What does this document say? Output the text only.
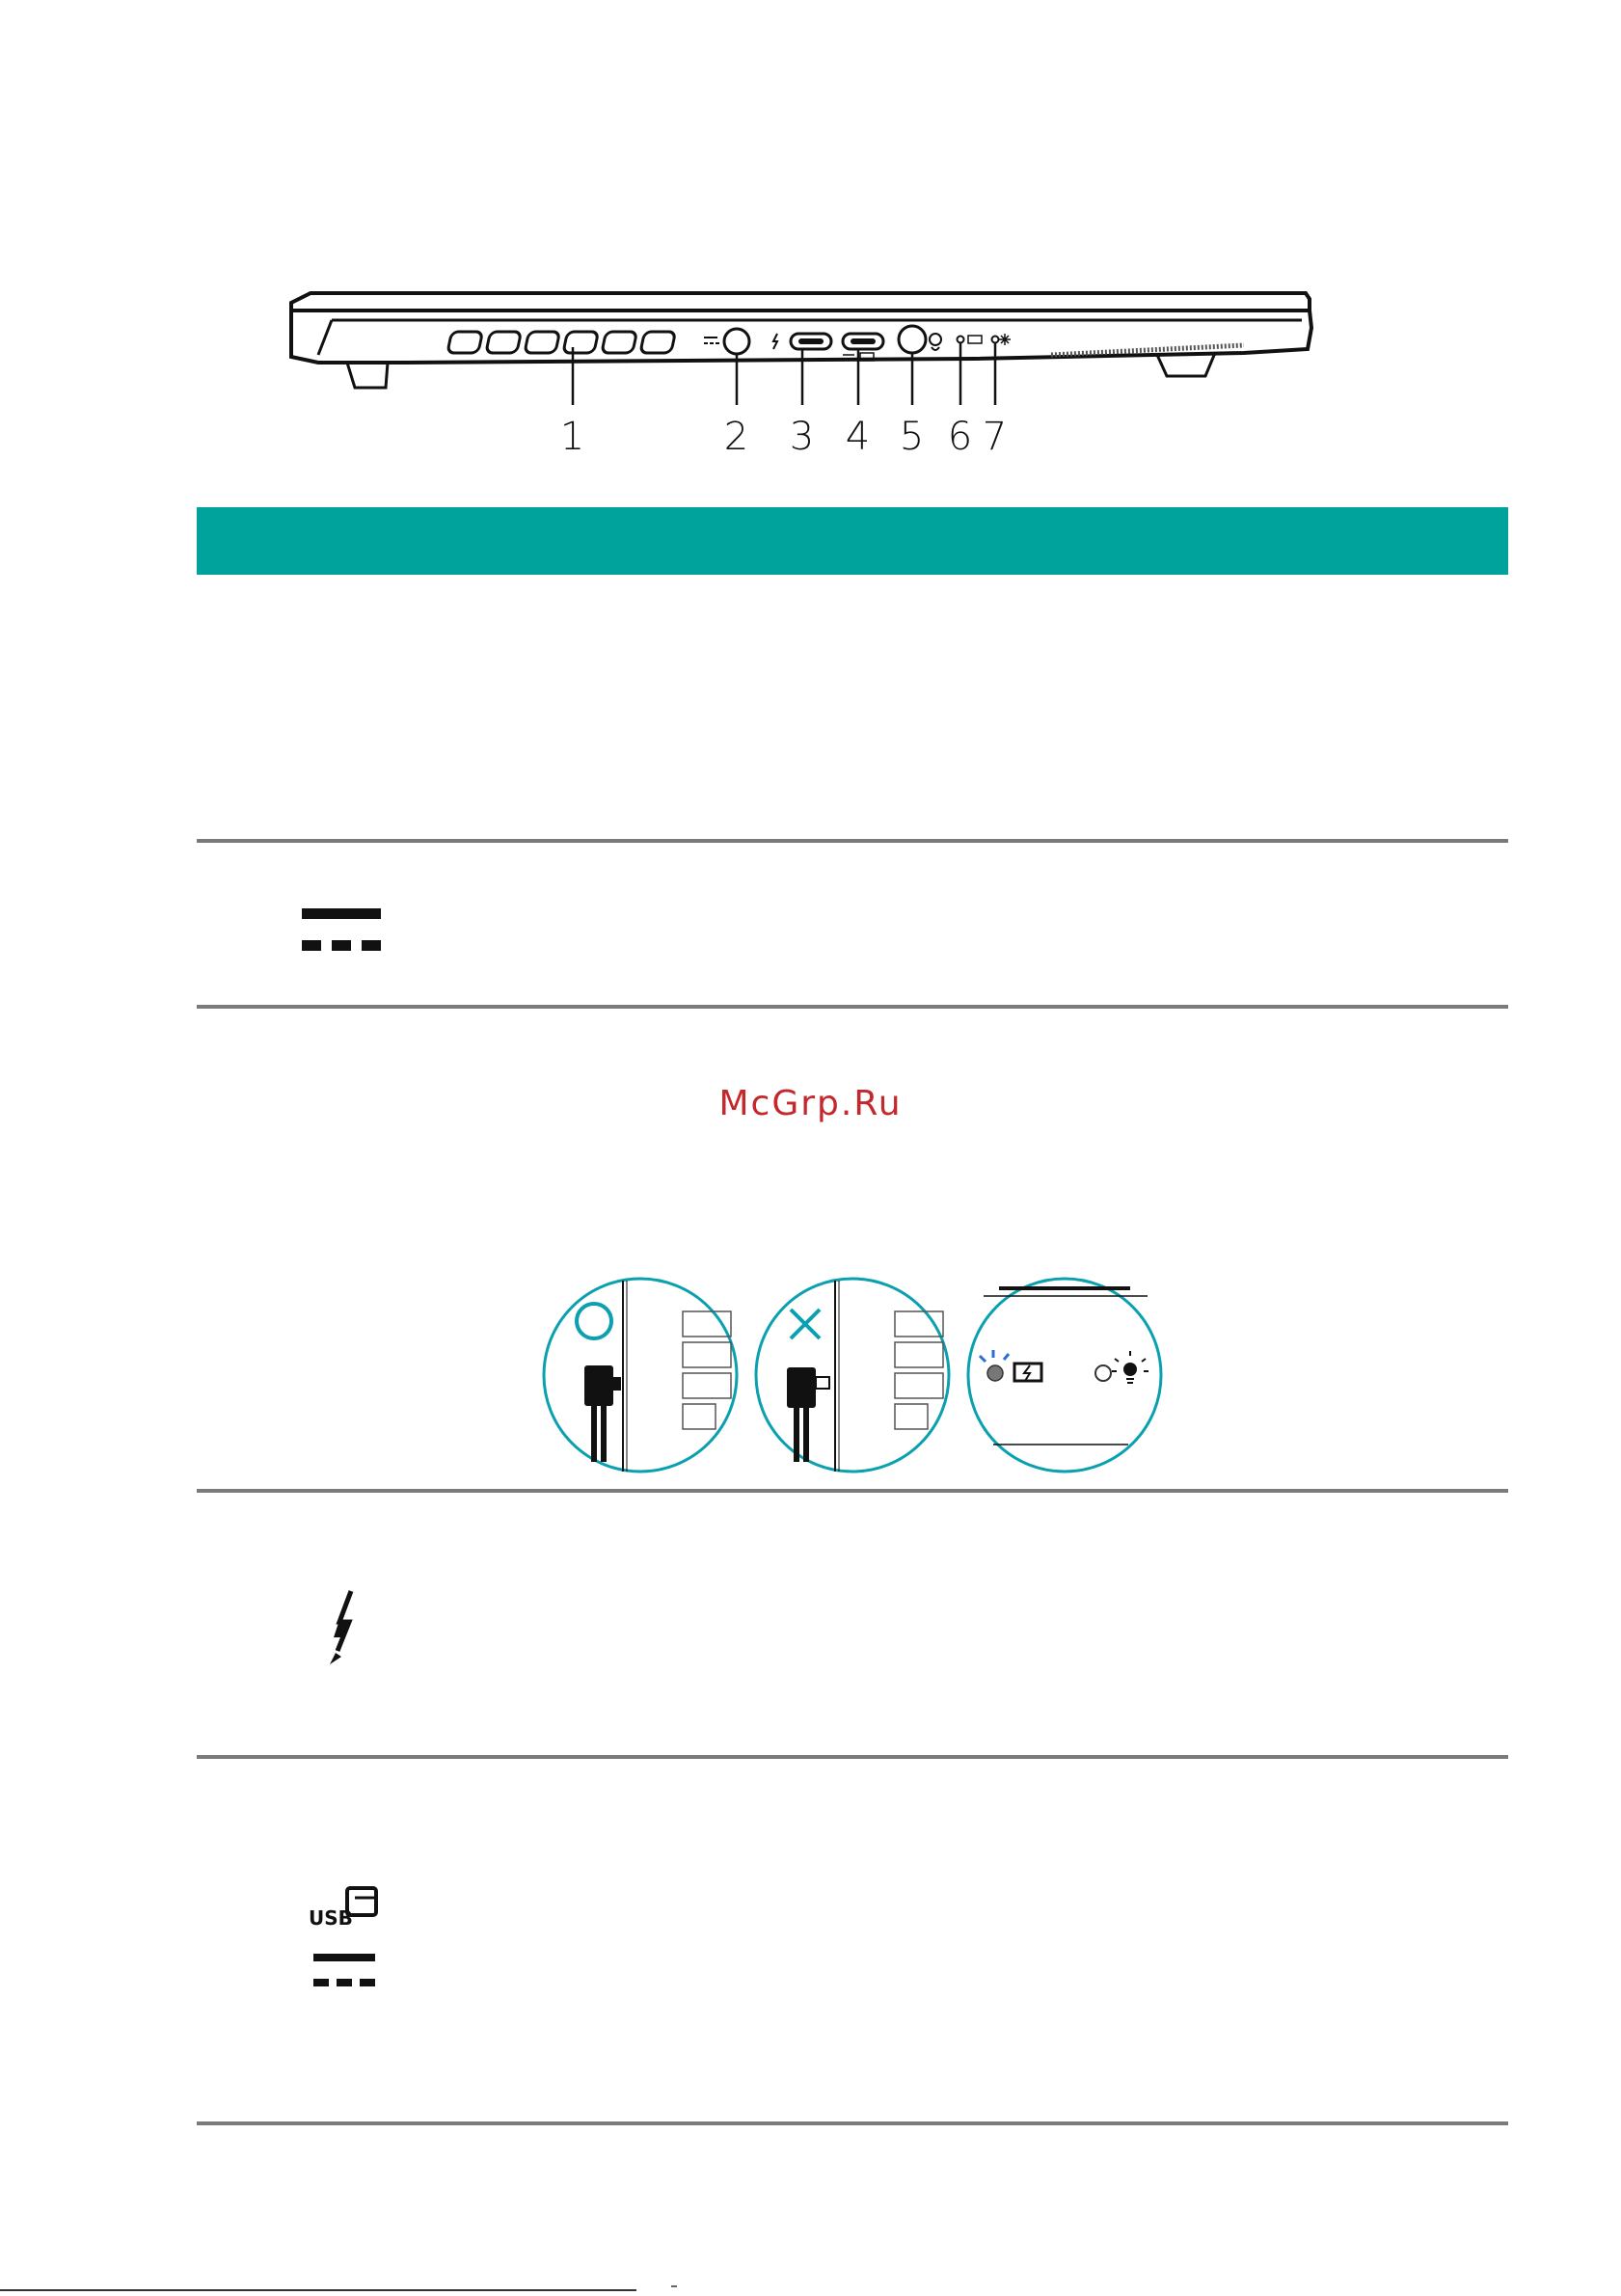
1	2 3 4 5 6 7
McGrp.Ru
USB
